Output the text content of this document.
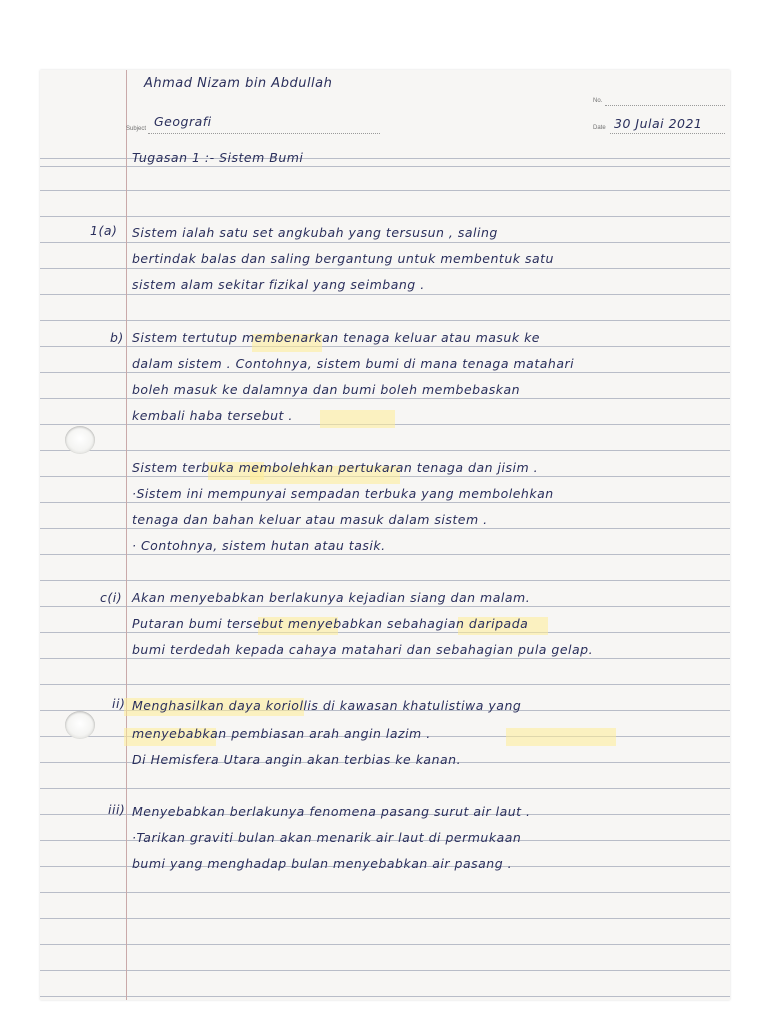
Ahmad Nizam bin Abdullah
No.
Subject Geografi	Date 30 Julai 2021
Tugasan 1 :- Sistem Bumi
1(a) Sistem ialah satu set angkubah yang tersusun , saling
bertindak balas dan saling bergantung untuk membentuk satu
sistem alam sekitar fizikal yang seimbang .
b) Sistem tertutup membenarkan tenaga keluar atau masuk ke
dalam sistem . Contohnya, sistem bumi di mana tenaga matahari
boleh masuk ke dalamnya dan bumi boleh membebaskan
kembali haba tersebut .
Sistem terbuka membolehkan pertukaran tenaga dan jisim .
·Sistem ini mempunyai sempadan terbuka yang membolehkan
tenaga dan bahan keluar atau masuk dalam sistem .
· Contohnya, sistem hutan atau tasik.
c(i) Akan menyebabkan berlakunya kejadian siang dan malam.
Putaran bumi tersebut menyebabkan sebahagian daripada
bumi terdedah kepada cahaya matahari dan sebahagian pula gelap.
ii) Menghasilkan daya koriollis di kawasan khatulistiwa yang
menyebabkan pembiasan arah angin lazim .
Di Hemisfera Utara angin akan terbias ke kanan.
iii) Menyebabkan berlakunya fenomena pasang surut air laut .
·Tarikan graviti bulan akan menarik air laut di permukaan
bumi yang menghadap bulan menyebabkan air pasang .
